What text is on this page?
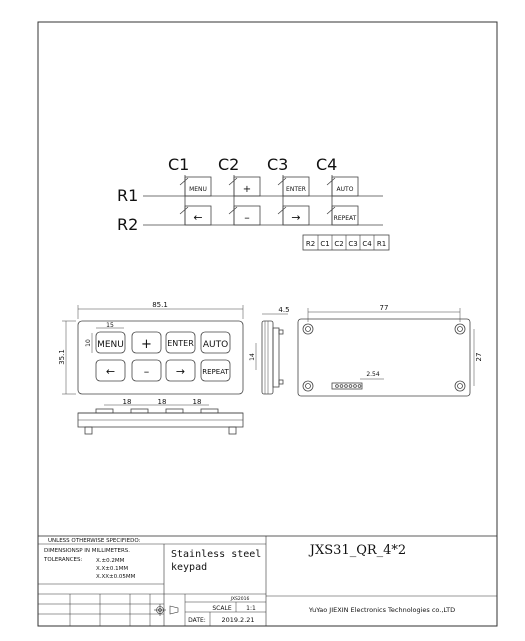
C1 C2 C3 C4
R1
R2
MENU	+	ENTER	AUTO
←	–	→	REPEAT
R2 C1 C2 C3 C4 R1
85.1
35.1
15
10 MENU + ENTER AUTO
←	– → REPEAT
4.5
14
77
27
2.54
18	18	18
UNLESS OTHERWISE SPECIFIEDO:
DIMENSIONSP IN MILLIMETERS.
TOLERANCES: X.±0.2MM
X.X±0.1MM
X.XX±0.05MM
Stainless steel
keypad
JXS31_QR_4*2
JXS2016
SCALE 1:1
DATE: 2019.2.21
YuYao JIEXIN Electronics Technologies co.,LTD
